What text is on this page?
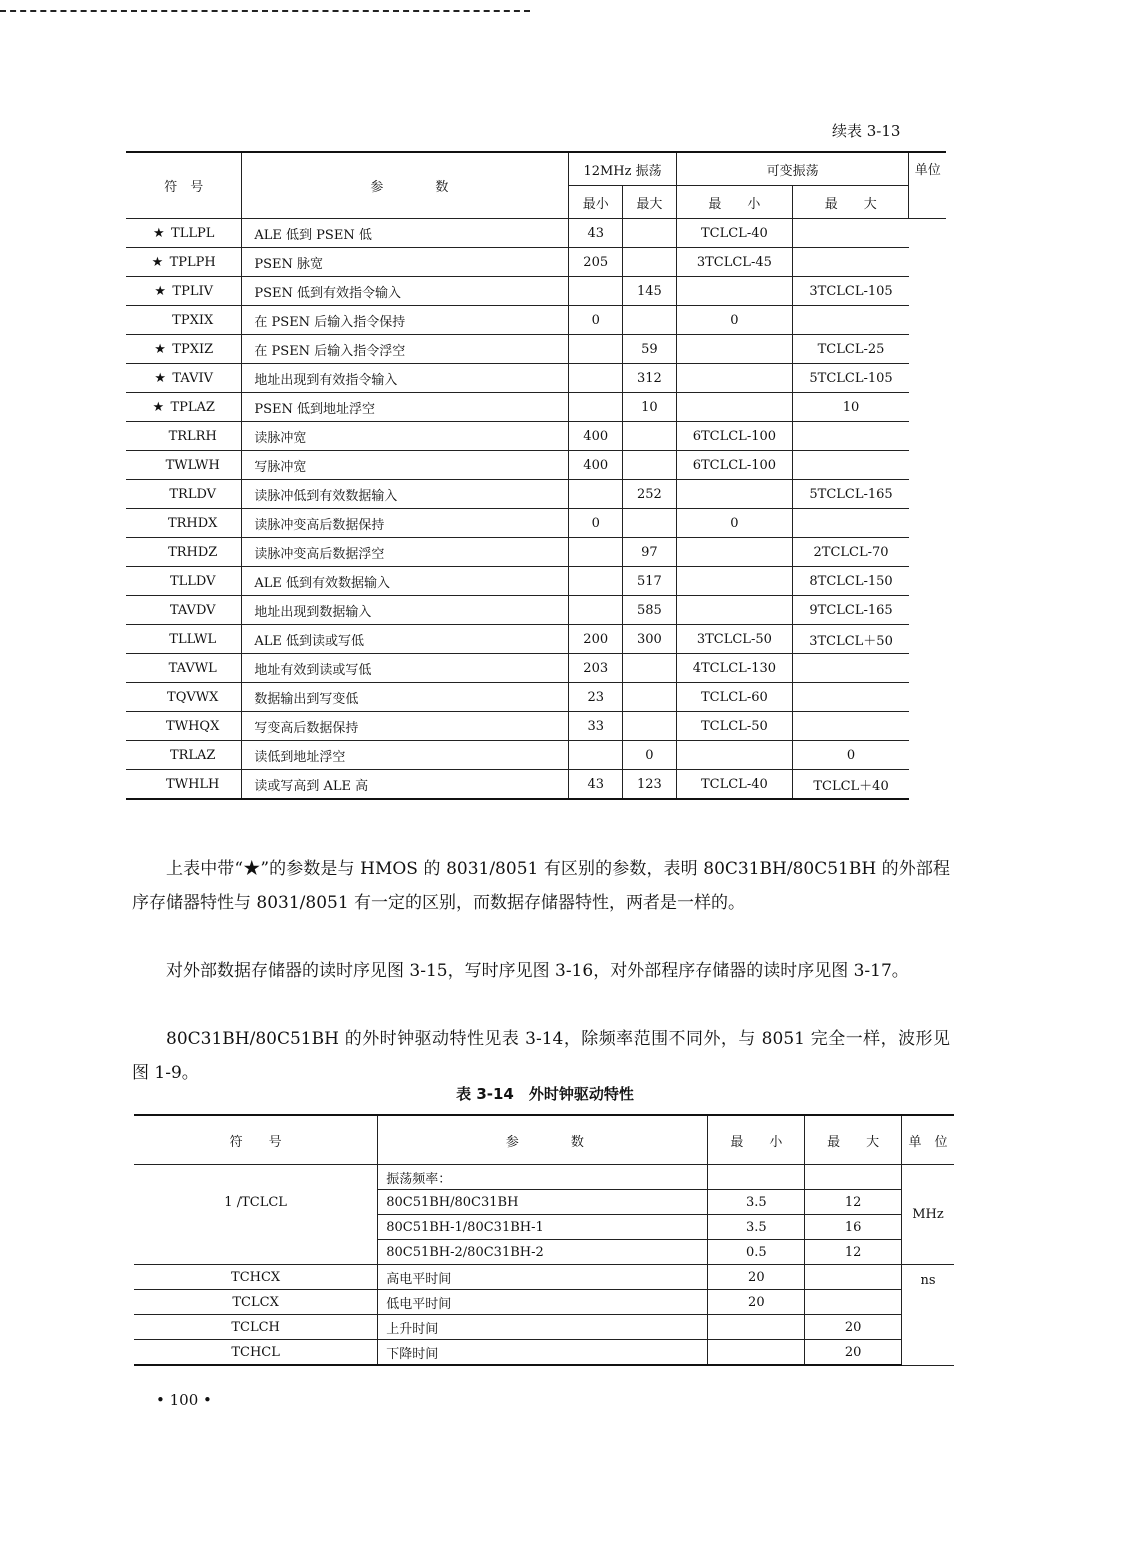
续表 3-13
符　号	参　　　　数	12MHz 振荡		可变振荡		单位
		最小	最大	最　　小	最　　大	
★ TLLPL	ALE 低到 PSEN 低	43		TCLCL-40		
★ TPLPH	PSEN 脉宽	205		3TCLCL-45		
★ TPLIV	PSEN 低到有效指令输入		145		3TCLCL-105	
TPXIX	在 PSEN 后输入指令保持	0		0		
★ TPXIZ	在 PSEN 后输入指令浮空		59		TCLCL-25	
★ TAVIV	地址出现到有效指令输入		312		5TCLCL-105	
★ TPLAZ	PSEN 低到地址浮空		10		10	
TRLRH	读脉冲宽	400		6TCLCL-100		
TWLWH	写脉冲宽	400		6TCLCL-100		
TRLDV	读脉冲低到有效数据输入		252		5TCLCL-165	
TRHDX	读脉冲变高后数据保持	0		0		
TRHDZ	读脉冲变高后数据浮空		97		2TCLCL-70	
TLLDV	ALE 低到有效数据输入		517		8TCLCL-150	
TAVDV	地址出现到数据输入		585		9TCLCL-165	
TLLWL	ALE 低到读或写低	200	300	3TCLCL-50	3TCLCL＋50	
TAVWL	地址有效到读或写低	203		4TCLCL-130		
TQVWX	数据输出到写变低	23		TCLCL-60		
TWHQX	写变高后数据保持	33		TCLCL-50		
TRLAZ	读低到地址浮空		0		0	
TWHLH	读或写高到 ALE 高	43	123	TCLCL-40	TCLCL＋40	

上表中带“★”的参数是与 HMOS 的 8031/8051 有区别的参数，表明 80C31BH/80C51BH 的外部程序存储器特性与 8031/8051 有一定的区别，而数据存储器特性，两者是一样的。

对外部数据存储器的读时序见图 3-15，写时序见图 3-16，对外部程序存储器的读时序见图 3-17。

80C31BH/80C51BH 的外时钟驱动特性见表 3-14，除频率范围不同外，与 8051 完全一样，波形见图 1-9。

表 3-14　外时钟驱动特性
符　　号	参　　　　数	最　　小	最　　大	单　位
1 /TCLCL	振荡频率：			MHz
	80C51BH/80C31BH	3.5	12	
	80C51BH-1/80C31BH-1	3.5	16	
	80C51BH-2/80C31BH-2	0.5	12	
TCHCX	高电平时间	20		ns
TCLCX	低电平时间	20		
TCLCH	上升时间		20	
TCHCL	下降时间		20	
• 100 •
